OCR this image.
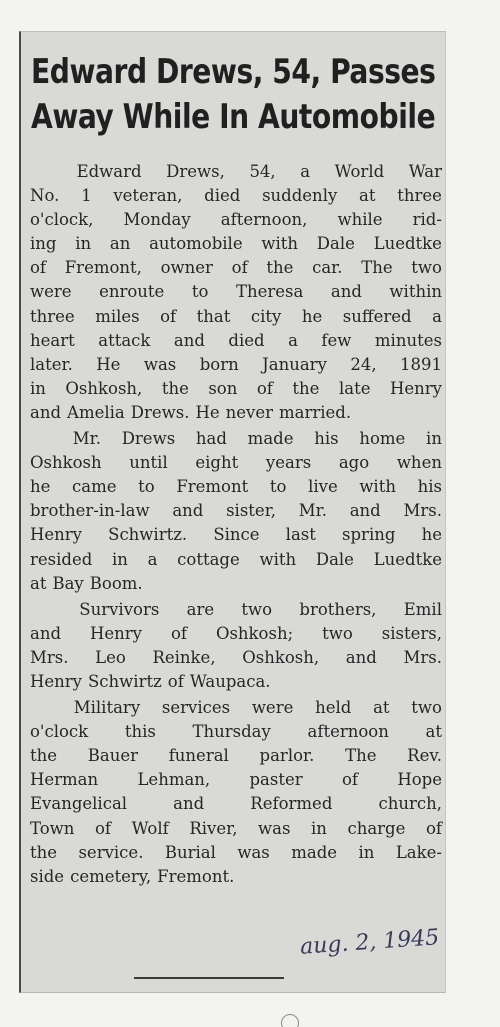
Edward Drews, 54, Passes
Away While In Automobile
Edward Drews, 54, a World War
No. 1 veteran, died suddenly at three
o'clock, Monday afternoon, while rid-
ing in an automobile with Dale Luedtke
of Fremont, owner of the car. The two
were enroute to Theresa and within
three miles of that city he suffered a
heart attack and died a few minutes
later. He was born January 24, 1891
in Oshkosh, the son of the late Henry
and Amelia Drews. He never married.
Mr. Drews had made his home in
Oshkosh until eight years ago when
he came to Fremont to live with his
brother-in-law and sister, Mr. and Mrs.
Henry Schwirtz. Since last spring he
resided in a cottage with Dale Luedtke
at Bay Boom.
Survivors are two brothers, Emil
and Henry of Oshkosh; two sisters,
Mrs. Leo Reinke, Oshkosh, and Mrs.
Henry Schwirtz of Waupaca.
Military services were held at two
o'clock this Thursday afternoon at
the Bauer funeral parlor. The Rev.
Herman Lehman, paster of Hope
Evangelical	and	Reformed	church,
Town of Wolf River, was in charge of
the service. Burial was made in Lake-
side cemetery, Fremont.
aug. 2, 1945
